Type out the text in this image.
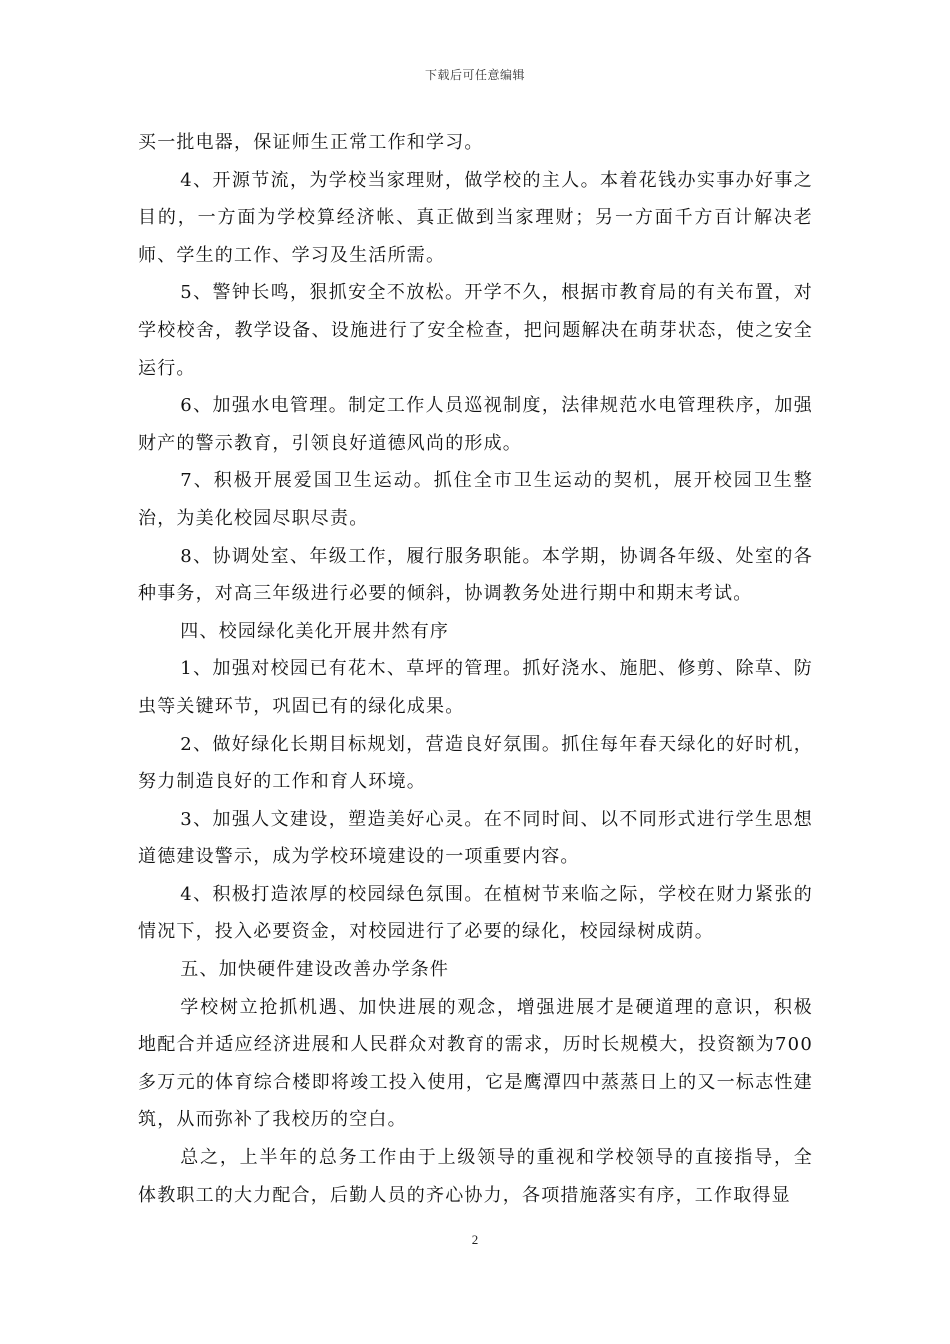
下载后可任意编辑

买一批电器，保证师生正常工作和学习。

4、开源节流，为学校当家理财，做学校的主人。本着花钱办实事办好事之目的，一方面为学校算经济帐、真正做到当家理财；另一方面千方百计解决老师、学生的工作、学习及生活所需。

5、警钟长鸣，狠抓安全不放松。开学不久，根据市教育局的有关布置，对学校校舍，教学设备、设施进行了安全检查，把问题解决在萌芽状态，使之安全运行。

6、加强水电管理。制定工作人员巡视制度，法律规范水电管理秩序，加强财产的警示教育，引领良好道德风尚的形成。

7、积极开展爱国卫生运动。抓住全市卫生运动的契机，展开校园卫生整治，为美化校园尽职尽责。

8、协调处室、年级工作，履行服务职能。本学期，协调各年级、处室的各种事务，对高三年级进行必要的倾斜，协调教务处进行期中和期末考试。

四、校园绿化美化开展井然有序

1、加强对校园已有花木、草坪的管理。抓好浇水、施肥、修剪、除草、防虫等关键环节，巩固已有的绿化成果。

2、做好绿化长期目标规划，营造良好氛围。抓住每年春天绿化的好时机，努力制造良好的工作和育人环境。

3、加强人文建设，塑造美好心灵。在不同时间、以不同形式进行学生思想道德建设警示，成为学校环境建设的一项重要内容。

4、积极打造浓厚的校园绿色氛围。在植树节来临之际，学校在财力紧张的情况下，投入必要资金，对校园进行了必要的绿化，校园绿树成荫。

五、加快硬件建设改善办学条件

学校树立抢抓机遇、加快进展的观念，增强进展才是硬道理的意识，积极地配合并适应经济进展和人民群众对教育的需求，历时长规模大，投资额为700多万元的体育综合楼即将竣工投入使用，它是鹰潭四中蒸蒸日上的又一标志性建筑，从而弥补了我校历的空白。

总之，上半年的总务工作由于上级领导的重视和学校领导的直接指导，全体教职工的大力配合，后勤人员的齐心协力，各项措施落实有序，工作取得显

2
